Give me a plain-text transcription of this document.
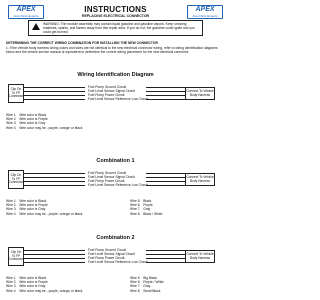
APEX
Auto Parts Experts
APEX
Auto Parts Experts
INSTRUCTIONS
REPLACING ELECTRICAL CONNECTOR
WARNING: The module assembly may contain liquid gasoline and gasoline vapors. Keep smoking materials, sparks, and flames away from this repair area. If you do not, the gasoline could ignite and you could get burned.
DETERMINING THE CORRECT WIRING COMBINATION FOR INSTALLING THE NEW CONNECTOR
1. If the vehicle body harness wiring colors and sizes are not identical to the new electrical connector wiring, refer to wiring identification diagrams below and the vehicle service manual or equivalent to determine the correct wiring placement for the new electrical connector.
Wiring Identification Diagram
Clip On To FP Connector
Connect To Vehicle Body Harness
Fuel Pump Ground Circuit
Fuel Level Sensor Signal Circuit
Fuel Pump Power Circuit
Fuel Level Sensor Reference Low Circuit
Wire 1.   Wire color is Black
Wire 2.   Wire color is Purple
Wire 3.   Wire color is Gray
Wire 4.   Wire color may be - purple, orange or black
Combination 1
Clip On To FP Connector
Connect To Vehicle Body Harness
Fuel Pump Ground Circuit
Fuel Level Sensor Signal Circuit
Fuel Pump Power Circuit
Fuel Level Sensor Reference Low Circuit
Wire 1.   Wire color is Black
Wire 2.   Wire color is Purple
Wire 3.   Wire color is Gray
Wire 4.   Wire color may be - purple, orange or black
Wire 5.   Black
Wire 6.   Purple
Wire 7.   Gray
Wire 8.   Black / White
Combination 2
Clip On To FP Connector
Connect To Vehicle Body Harness
Fuel Pump Ground Circuit
Fuel Level Sensor Signal Circuit
Fuel Pump Power Circuit
Fuel Level Sensor Reference Low Circuit
Wire 1.   Wire color is Black
Wire 2.   Wire color is Purple
Wire 3.   Wire color is Gray
Wire 4.   Wire color may be - purple, orange or black
Wire 5.   Big Black
Wire 6.   Purple / White
Wire 7.   Gray
Wire 8.   Small Black
